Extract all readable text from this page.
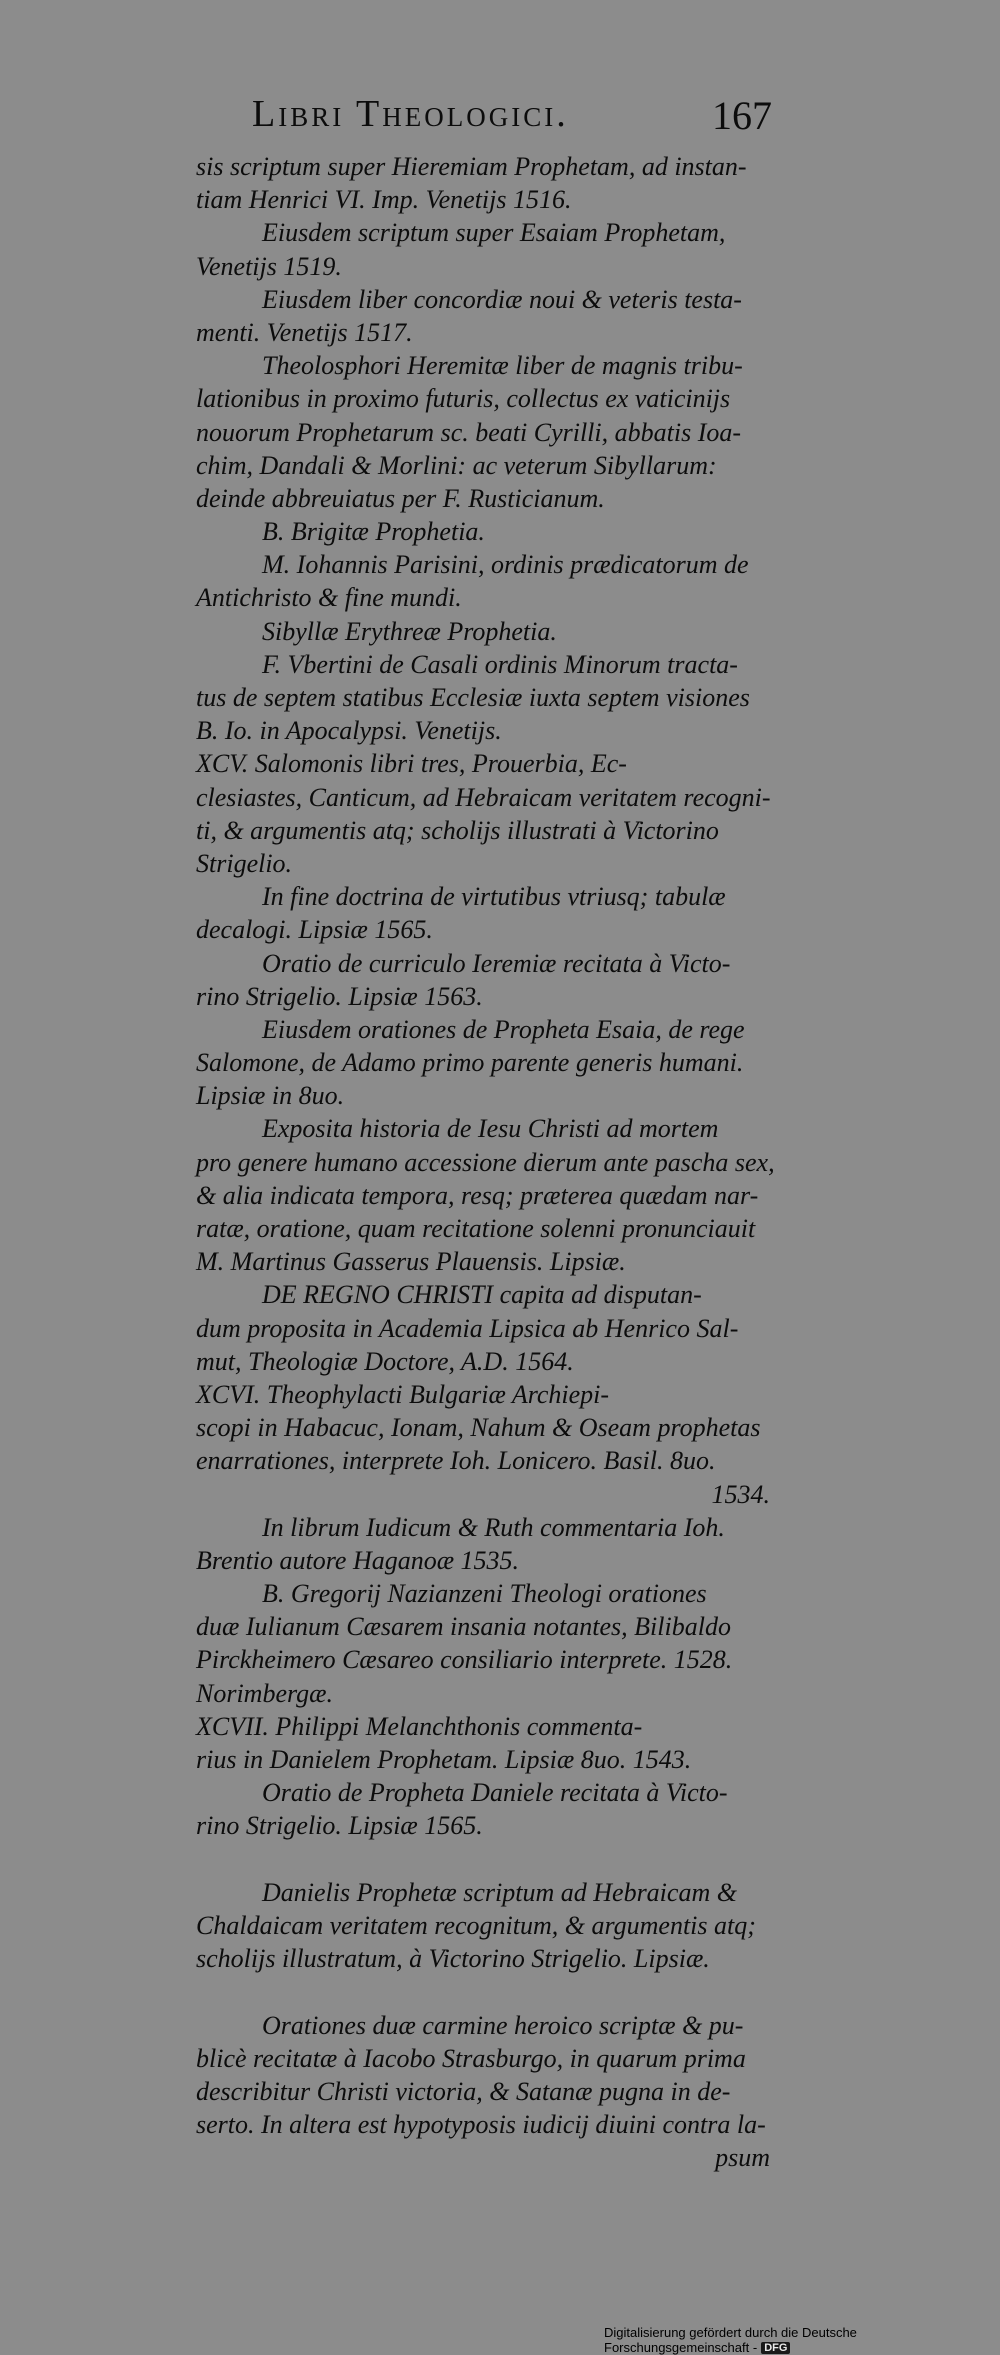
Libri Theologici.	167
sis scriptum super Hieremiam Prophetam, ad instan-
tiam Henrici VI. Imp. Venetijs 1516.
Eiusdem scriptum super Esaiam Prophetam,
Venetijs 1519.
Eiusdem liber concordiæ noui & veteris testa-
menti. Venetijs 1517.
Theolosphori Heremitæ liber de magnis tribu-
lationibus in proximo futuris, collectus ex vaticinijs
nouorum Prophetarum sc. beati Cyrilli, abbatis Ioa-
chim, Dandali & Morlini: ac veterum Sibyllarum:
deinde abbreuiatus per F. Rusticianum.
B. Brigitæ Prophetia.
M. Iohannis Parisini, ordinis prædicatorum de
Antichristo & fine mundi.
Sibyllæ Erythreæ Prophetia.
F. Vbertini de Casali ordinis Minorum tracta-
tus de septem statibus Ecclesiæ iuxta septem visiones
B. Io. in Apocalypsi. Venetijs.
XCV. Salomonis libri tres, Prouerbia, Ec-
clesiastes, Canticum, ad Hebraicam veritatem recogni-
ti, & argumentis atq; scholijs illustrati à Victorino
Strigelio.
In fine doctrina de virtutibus vtriusq; tabulæ
decalogi. Lipsiæ 1565.
Oratio de curriculo Ieremiæ recitata à Victo-
rino Strigelio. Lipsiæ 1563.
Eiusdem orationes de Propheta Esaia, de rege
Salomone, de Adamo primo parente generis humani.
Lipsiæ in 8uo.
Exposita historia de Iesu Christi ad mortem
pro genere humano accessione dierum ante pascha sex,
& alia indicata tempora, resq; præterea quædam nar-
ratæ, oratione, quam recitatione solenni pronunciauit
M. Martinus Gasserus Plauensis. Lipsiæ.
DE REGNO CHRISTI capita ad disputan-
dum proposita in Academia Lipsica ab Henrico Sal-
mut, Theologiæ Doctore, A.D. 1564.
XCVI. Theophylacti Bulgariæ Archiepi-
scopi in Habacuc, Ionam, Nahum & Oseam prophetas
enarrationes, interprete Ioh. Lonicero. Basil. 8uo.
1534.
In librum Iudicum & Ruth commentaria Ioh.
Brentio autore Haganoæ 1535.
B. Gregorij Nazianzeni Theologi orationes
duæ Iulianum Cæsarem insania notantes, Bilibaldo
Pirckheimero Cæsareo consiliario interprete. 1528.
Norimbergæ.
XCVII. Philippi Melanchthonis commenta-
rius in Danielem Prophetam. Lipsiæ 8uo. 1543.
Oratio de Propheta Daniele recitata à Victo-
rino Strigelio. Lipsiæ 1565.
Danielis Prophetæ scriptum ad Hebraicam &
Chaldaicam veritatem recognitum, & argumentis atq;
scholijs illustratum, à Victorino Strigelio. Lipsiæ.
Orationes duæ carmine heroico scriptæ & pu-
blicè recitatæ à Iacobo Strasburgo, in quarum prima
describitur Christi victoria, & Satanæ pugna in de-
serto. In altera est hypotyposis iudicij diuini contra la-
psum
Digitalisierung gefördert durch die Deutsche Forschungsgemeinschaft - DFG
